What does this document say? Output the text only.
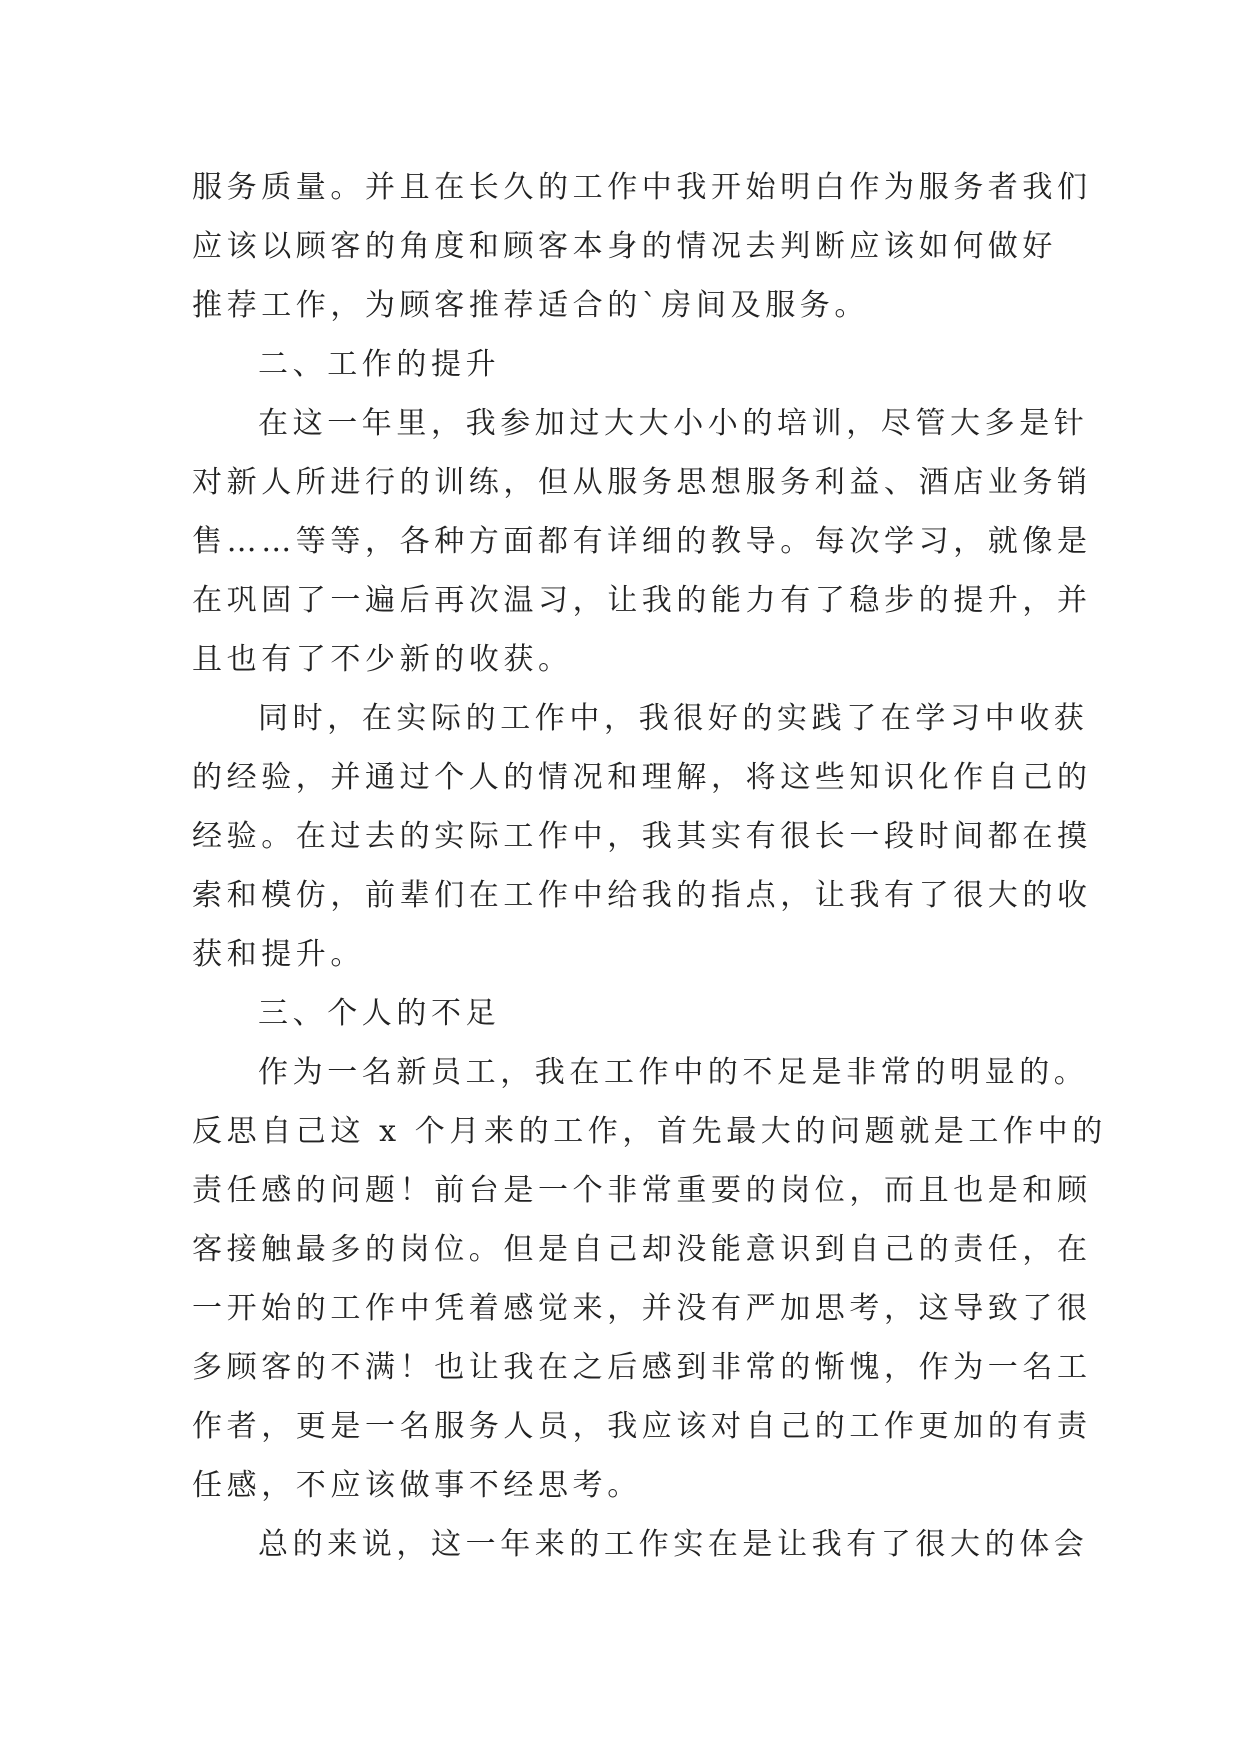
服务质量。并且在长久的工作中我开始明白作为服务者我们
应该以顾客的角度和顾客本身的情况去判断应该如何做好
推荐工作，为顾客推荐适合的`房间及服务。
二、工作的提升
在这一年里，我参加过大大小小的培训，尽管大多是针
对新人所进行的训练，但从服务思想服务利益、酒店业务销
售……等等，各种方面都有详细的教导。每次学习，就像是
在巩固了一遍后再次温习，让我的能力有了稳步的提升，并
且也有了不少新的收获。
同时，在实际的工作中，我很好的实践了在学习中收获
的经验，并通过个人的情况和理解，将这些知识化作自己的
经验。在过去的实际工作中，我其实有很长一段时间都在摸
索和模仿，前辈们在工作中给我的指点，让我有了很大的收
获和提升。
三、个人的不足
作为一名新员工，我在工作中的不足是非常的明显的。
反思自己这 x 个月来的工作，首先最大的问题就是工作中的
责任感的问题！前台是一个非常重要的岗位，而且也是和顾
客接触最多的岗位。但是自己却没能意识到自己的责任，在
一开始的工作中凭着感觉来，并没有严加思考，这导致了很
多顾客的不满！也让我在之后感到非常的惭愧，作为一名工
作者，更是一名服务人员，我应该对自己的工作更加的有责
任感，不应该做事不经思考。
总的来说，这一年来的工作实在是让我有了很大的体会
